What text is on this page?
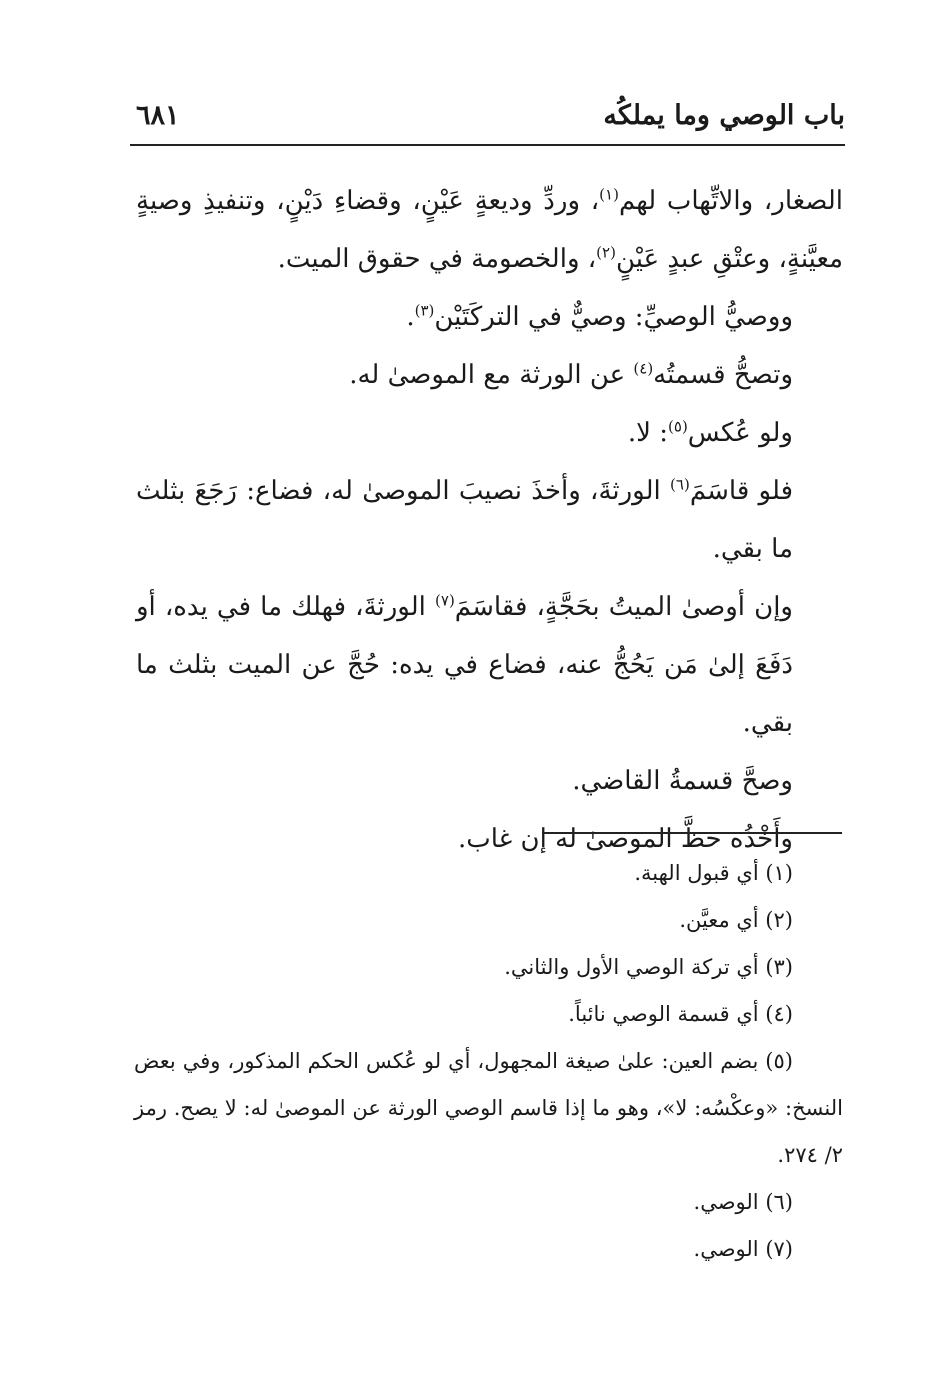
باب الوصي وما يملكُه
٦٨١

الصغار، والاتِّهاب لهم$^{(١)}$، وردِّ وديعةٍ عَيْنٍ، وقضاءِ دَيْنٍ، وتنفيذِ وصيةٍ معيَّنةٍ، وعتْقِ عبدٍ عَيْنٍ$^{(٢)}$، والخصومة في حقوق الميت.

ووصيُّ الوصيِّ: وصيٌّ في التركَتَيْن$^{(٣)}$.

وتصحُّ قسمتُه$^{(٤)}$ عن الورثة مع الموصىٰ له.

ولو عُكس$^{(٥)}$: لا.

فلو قاسَمَ$^{(٦)}$ الورثةَ، وأخذَ نصيبَ الموصىٰ له، فضاع: رَجَعَ بثلث ما بقي.

وإن أوصىٰ الميتُ بحَجَّةٍ، فقاسَمَ$^{(٧)}$ الورثةَ، فهلك ما في يده، أو دَفَعَ إلىٰ مَن يَحُجُّ عنه، فضاع في يده: حُجَّ عن الميت بثلث ما بقي.

وصحَّ قسمةُ القاضي.

وأَخْذُه حظَّ الموصىٰ له إن غاب.

(١) أي قبول الهبة.

(٢) أي معيَّن.

(٣) أي تركة الوصي الأول والثاني.

(٤) أي قسمة الوصي نائباً.

(٥) بضم العين: علىٰ صيغة المجهول، أي لو عُكس الحكم المذكور، وفي بعض النسخ: «وعكْسُه: لا»، وهو ما إذا قاسم الوصي الورثة عن الموصىٰ له: لا يصح. رمز ٢/ ٢٧٤.

(٦) الوصي.

(٧) الوصي.
